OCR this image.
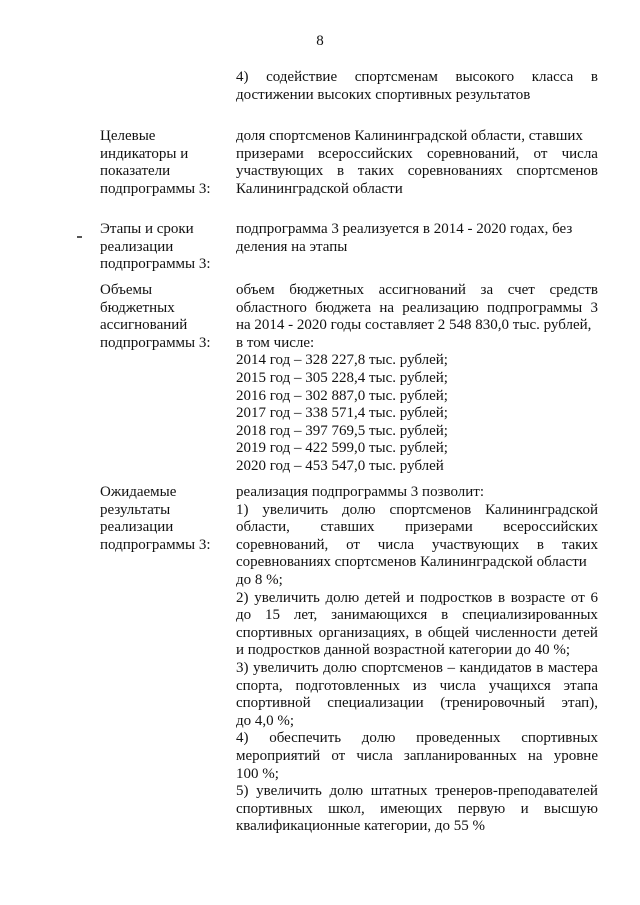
8
4) содействие спортсменам высокого класса в
достижении высоких спортивных результатов
Целевые
индикаторы и
показатели
подпрограммы 3:
доля спортсменов Калининградской области, ставших
призерами всероссийских соревнований, от числа
участвующих в таких соревнованиях спортсменов
Калининградской области
Этапы и сроки
реализации
подпрограммы 3:
подпрограмма 3 реализуется в 2014 - 2020 годах, без
деления на этапы
Объемы
бюджетных
ассигнований
подпрограммы 3:
объем бюджетных ассигнований за счет средств
областного бюджета на реализацию подпрограммы 3
на 2014 - 2020 годы составляет 2 548 830,0 тыс. рублей,
в том числе:
2014 год – 328 227,8 тыс. рублей;
2015 год – 305 228,4 тыс. рублей;
2016 год – 302 887,0 тыс. рублей;
2017 год – 338 571,4 тыс. рублей;
2018 год – 397 769,5 тыс. рублей;
2019 год – 422 599,0 тыс. рублей;
2020 год – 453 547,0 тыс. рублей
Ожидаемые
результаты
реализации
подпрограммы 3:
реализация подпрограммы 3 позволит:
1) увеличить долю спортсменов Калининградской
области, ставших призерами всероссийских
соревнований, от числа участвующих в таких
соревнованиях спортсменов Калининградской области
до 8 %;
2) увеличить долю детей и подростков в возрасте от 6
до 15 лет, занимающихся в специализированных
спортивных организациях, в общей численности детей
и подростков данной возрастной категории до 40 %;
3) увеличить долю спортсменов – кандидатов в мастера
спорта, подготовленных из числа учащихся этапа
спортивной специализации (тренировочный этап),
до 4,0 %;
4) обеспечить долю проведенных спортивных
мероприятий от числа запланированных на уровне
100 %;
5) увеличить долю штатных тренеров-преподавателей
спортивных школ, имеющих первую и высшую
квалификационные категории, до 55 %
